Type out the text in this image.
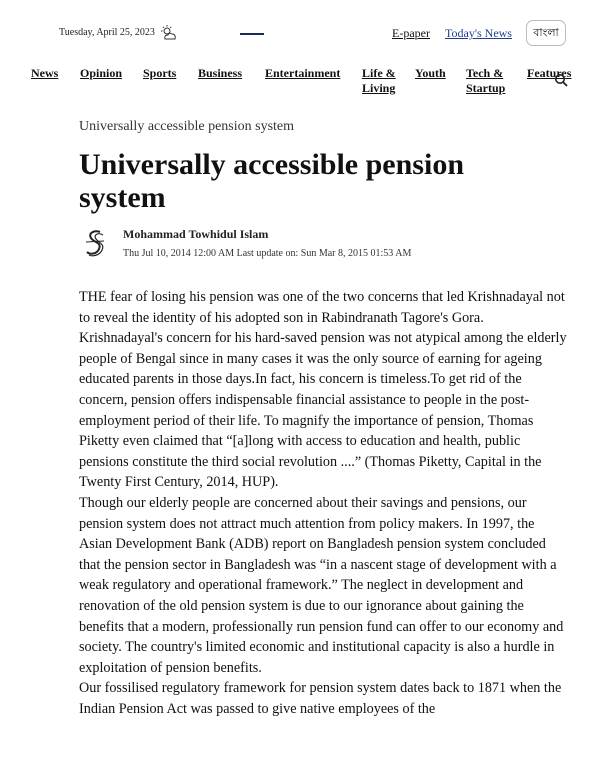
Tuesday, April 25, 2023	E-paper Today's News	বাংলা
News Opinion Sports Business Entertainment Life &
Living
Youth Tech &
Startup
Features
Universally accessible pension system
Universally accessible pension system
Mohammad Towhidul Islam
Thu Jul 10, 2014 12:00 AM Last update on: Sun Mar 8, 2015 01:53 AM

THE fear of losing his pension was one of the two concerns that led Krishnadayal not to reveal the identity of his adopted son in Rabindranath Tagore's Gora. Krishnadayal's concern for his hard-saved pension was not atypical among the elderly people of Bengal since in many cases it was the only source of earning for ageing educated parents in those days.In fact, his concern is timeless.To get rid of the concern, pension offers indispensable financial assistance to people in the post-employment period of their life. To magnify the importance of pension, Thomas Piketty even claimed that “[a]long with access to education and health, public pensions constitute the third social revolution ....” (Thomas Piketty, Capital in the Twenty First Century, 2014, HUP).

Though our elderly people are concerned about their savings and pensions, our pension system does not attract much attention from policy makers. In 1997, the Asian Development Bank (ADB) report on Bangladesh pension system concluded that the pension sector in Bangladesh was “in a nascent stage of development with a weak regulatory and operational framework.” The neglect in development and renovation of the old pension system is due to our ignorance about gaining the benefits that a modern, professionally run pension fund can offer to our economy and society. The country's limited economic and institutional capacity is also a hurdle in exploitation of pension benefits.

Our fossilised regulatory framework for pension system dates back to 1871 when the Indian Pension Act was passed to give native employees of the
